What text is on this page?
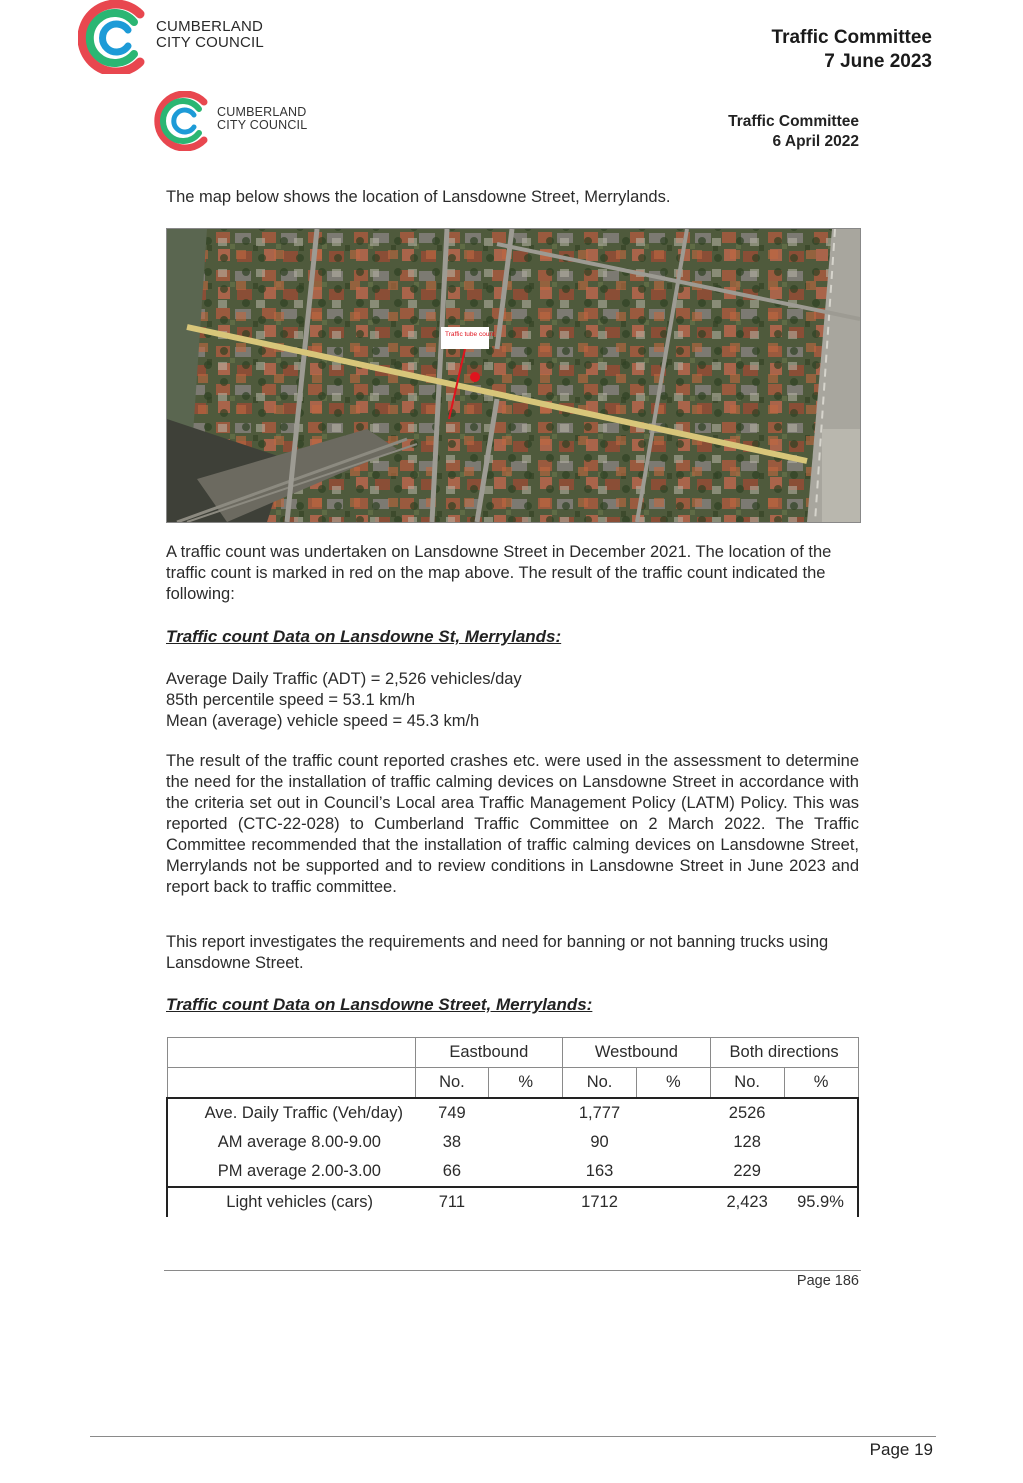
CUMBERLAND
CITY COUNCIL	Traffic Committee
7 June 2023
CUMBERLAND
CITY COUNCIL	Traffic Committee
6 April 2022
The map below shows the location of Lansdowne Street, Merrylands.
Traffic tube count
A traffic count was undertaken on Lansdowne Street in December 2021. The location of the traffic count is marked in red on the map above. The result of the traffic count indicated the following:
Traffic count Data on Lansdowne St, Merrylands:
Average Daily Traffic (ADT) = 2,526 vehicles/day
85th percentile speed = 53.1 km/h
Mean (average) vehicle speed = 45.3 km/h
The result of the traffic count reported crashes etc. were used in the assessment to determine the need for the installation of traffic calming devices on Lansdowne Street in accordance with the criteria set out in Council’s Local area Traffic Management Policy (LATM) Policy. This was reported (CTC-22-028) to Cumberland Traffic Committee on 2 March 2022. The Traffic Committee recommended that the installation of traffic calming devices on Lansdowne Street, Merrylands not be supported and to review conditions in Lansdowne Street in June 2023 and report back to traffic committee.
This report investigates the requirements and need for banning or not banning trucks using Lansdowne Street.
Traffic count Data on Lansdowne Street, Merrylands:
	Eastbound		Westbound		Both directions	
	No.	%	No.	%	No.	%
Ave. Daily Traffic (Veh/day)	749		1,777		2526	
AM average 8.00-9.00	38		90		128	
PM average 2.00-3.00	66		163		229	
Light vehicles (cars)	711		1712		2,423	95.9%
Page 186
Page 19
